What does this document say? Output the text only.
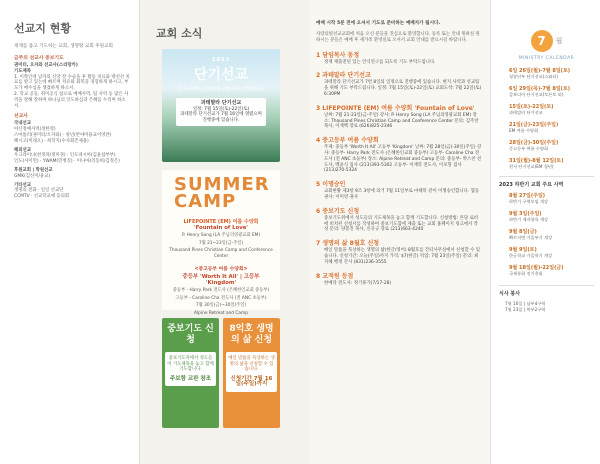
선교지 현황
세계를 품고 기도하는 교회, 생명땅 교회 후원교회
금주의 선교사 중보기도

권미터, 오자와 선교사(스리랑카)

기도제목

1. 이쪽인데 남자의 신앙 잘 수술을 후 활동 치료와 방선선 치료를 받고 있는데 빠르며 치유와 회복을 경험하게 하시고, 부모가 매수심을 생겼하게 하소서.

2. 학교 공동, 취미공식 참으로 예배사역, 팀 사역 등 많은 사역을 잘해 잘하며 하나님의 인도하심과 은혜를 누리며 하소서.

선교사

국내선교

아산정예사역(정한영)

스마틀러(권미터/오자와) · 청년(반야미용교이영란)

혜시고(미래오) · 희학지(수사회존제용)

해외선교

우크라이나(천정파/정미경) · 인도네시아(김윤섭부부)

인도(사이먼) · YWAM(민병진) · 이나마(리동희/김정은)

후원교회 | 학원선교

GMK(김신미/윤교)

기타선교

생명의 전화 · 일일 선교단

CCMTV · 선교학교예 동의회

교회 소식
2023
단기선교
천지 사해표 선교팀을 위해 기도 부탁합니다
과테말라 단기선교
일정: 7월 15일(토)-22일(토)
과테말라 단기선교가 7월 16일에 열렸으며 진행중에 있습니다.
SUMMER CAMP
LIFEPOINTE (EM) 여름 수양회
'Fountain of Love'
P. Henry Song (LA 주님의영광교회 EM)
7월 21~23일(금-주일)
Thousand Pines Christian Camp and Conference Center
<중고등부 여름 수양회>
중등부 'Worth It All' | 고등부 'Kingdom'
중등부 - Harry Park 전도사 (은혜한인교회 중등부)
고등부 - Caroline Cha 전도사 (전 ANC 초등부)
7월 30일(금)~30일(주일)
Alpine Retreat and Camp
중보기도 신청
중보기도자에서 성도들이 기도제목을 놓고 함께 기도합니다.
주보함 교판 참조
8억호 생명의 삶 신청
매일 말씀을 묵상하는 생명의 삶을 신청할 수 있습니다.
신청기간 7월 16일(주일)까지
예배 시작 5분 전에 오셔서 기도로 준비하는 예배자가 됩시다.
사랑의빛선교교회에 처음 오신 분들을 진심으로 환영합니다. 등록 또는 안내 원하실 원하시는 분들은 예배 후 새가족 환영실로 오셔서 교회 안내를 받으시길 바랍니다.
1 담임목사 동정
정재 재출전된 있는 안식연구를 되도록 기도 부탁드립니다.
2 과테말라 단기선교
과테말라 단기선교가 7번 8일의 일정으로 진행중에 있습니다. 현지 사역과 선교팀을 위해 기도 부탁드립니다. 일정: 7월 15일(토)-22일(토) 교회도착: 7월 22일(토) 6:30PM
3 LIFEPOINTE (EM) 여름 수양회 'Fountain of Love'
날짜: 7월 21-23일(금-주일) 강사: P. Henry Song (LA 주님의영광교회 EM) 장소: Thousand Pines Christian Camp and Conference Center 문의: 김주찬 목사, 이재백 장로 (626)825-2346
4 중고등부 여름 수양회
주제: 중등부 'Worth It All' 고등부 'Kingdom' 날짜: 7월 28일(금)-30일(주일) 강사: 중등부- Harry Park 전도사 (은혜한인교회 중등부) 고등부- Caroline Cha 전도사 (전 ANC 초등부) 장소: Alpine Retreat and Camp 문의: 중등부- 박스찬 전도사, 백윤식 집사 (213)393-5302 고등부- 이재학 전도사, 이보형 집사 (213)270-5324
5 이명승인
교회현황 제3항 9조 3항에 의거 7월 11일부로 마태복 같이 이명승인합니다. 협동권사: 이미영 권사
6 중보기도 신청
중보기도위에서 성도들의 기도제목을 놓고 함께 기도합니다. 신청방법: 본당 로비에 비치된 신청서를 작성하여 중보기도함에 제출 또는 교회 홈페이지 링크에서 작성 문의: 양봉진 목사, 신유규 장로 (213)663-4240
7 생명의 삶 8월호 신청
매일 말씀을 묵상하는 생명의 삶(한글/영어) 8월호를 간터사무실에서 신청할 수 있습니다. 신청기간: 오늘(주일)까지 가격: $7(한글) 픽업: 7월 23일(주일) 문의: 최지혜 행정 간사 (831)236-3555
8 교적원 등점
한예라 전도사: 정기휴가(7/17-28)
7	월
MINISTRY CALENDAR
6일 26일(월)-7월 8일(토)
청장년부 단기선교(스와티)
6일 29일(목)-7월 8일(토)
캄보디아 단기선교(토론토 외)
15일(토)-22일(토)
과테말라 단기선교
21일(금)-23일(주일)
EM 여름 수양회
28일(금)-30일(주일)
중고등부 여름 수양회
31일(월)-8월 12일(토)
현지 단기선교(EM 청년)
2023 하반기 교회 주요 사역
8월 27일(주일)
하반기 구역모임 개강
9월 3일(주일)
하반기 제자양육 개강
9월 8일(금)
빠르지면 가을부기 개강
9월 9일(토)
한글학교 가을학기 개강
9월 18일(월)-22일(금)
국제통화 전기총회
식사 봉사

7월 16일 | 남부4구역

7월 23일 | 북부2구역
